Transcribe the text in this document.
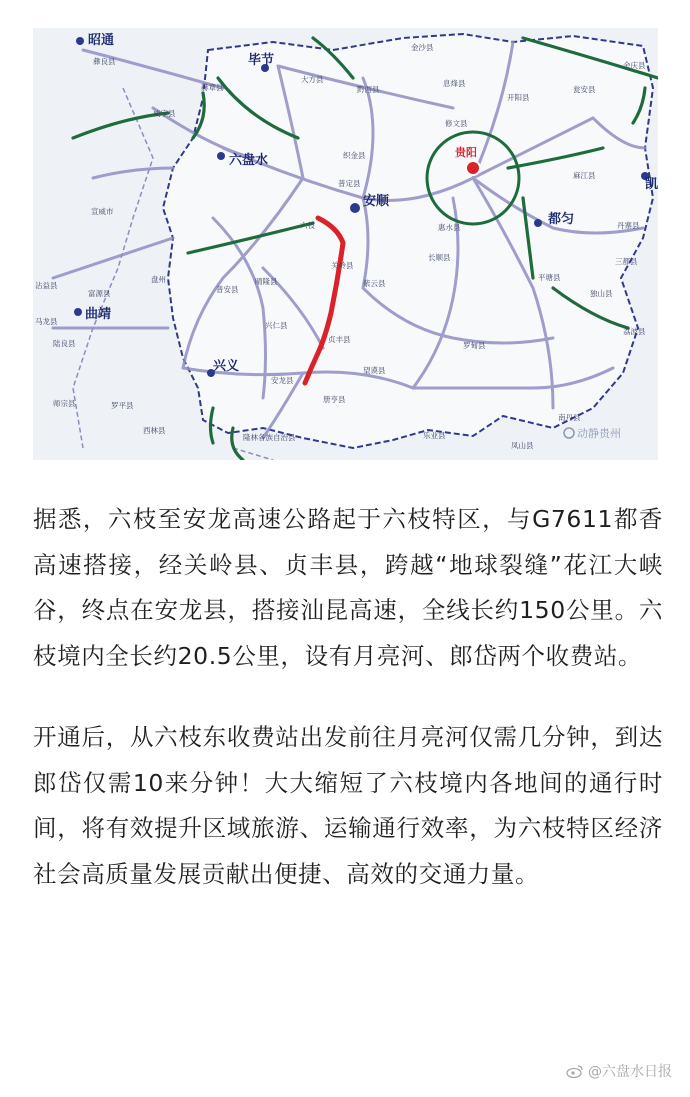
昭通
毕节
六盘水
安顺
都匀
凯
曲靖
兴义
贵阳
六枝
安龙县
威宁县
赫章县
大方县
黔西县
织金县
普定县
关岭县
贞丰县
普安县
兴仁县
晴隆县	紫云县
望谟县
册亨县
罗甸县
长顺县
惠水县
平塘县
独山县
荔波县
三都县
丹寨县
麻江县
瓮安县
开阳县
息烽县
金沙县
修文县
余庆县
陆良县
富源县
宣威市
罗平县
师宗县
西林县
马龙县
盘州
沾益县
彝良县
隆林各族自治县	乐业县
南丹县
凤山县
动静贵州

据悉，六枝至安龙高速公路起于六枝特区，与G7611都香高速搭接，经关岭县、贞丰县，跨越“地球裂缝”花江大峡谷，终点在安龙县，搭接汕昆高速，全线长约150公里。六枝境内全长约20.5公里，设有月亮河、郎岱两个收费站。

开通后，从六枝东收费站出发前往月亮河仅需几分钟，到达郎岱仅需10来分钟！大大缩短了六枝境内各地间的通行时间，将有效提升区域旅游、运输通行效率，为六枝特区经济社会高质量发展贡献出便捷、高效的交通力量。

@六盘水日报
